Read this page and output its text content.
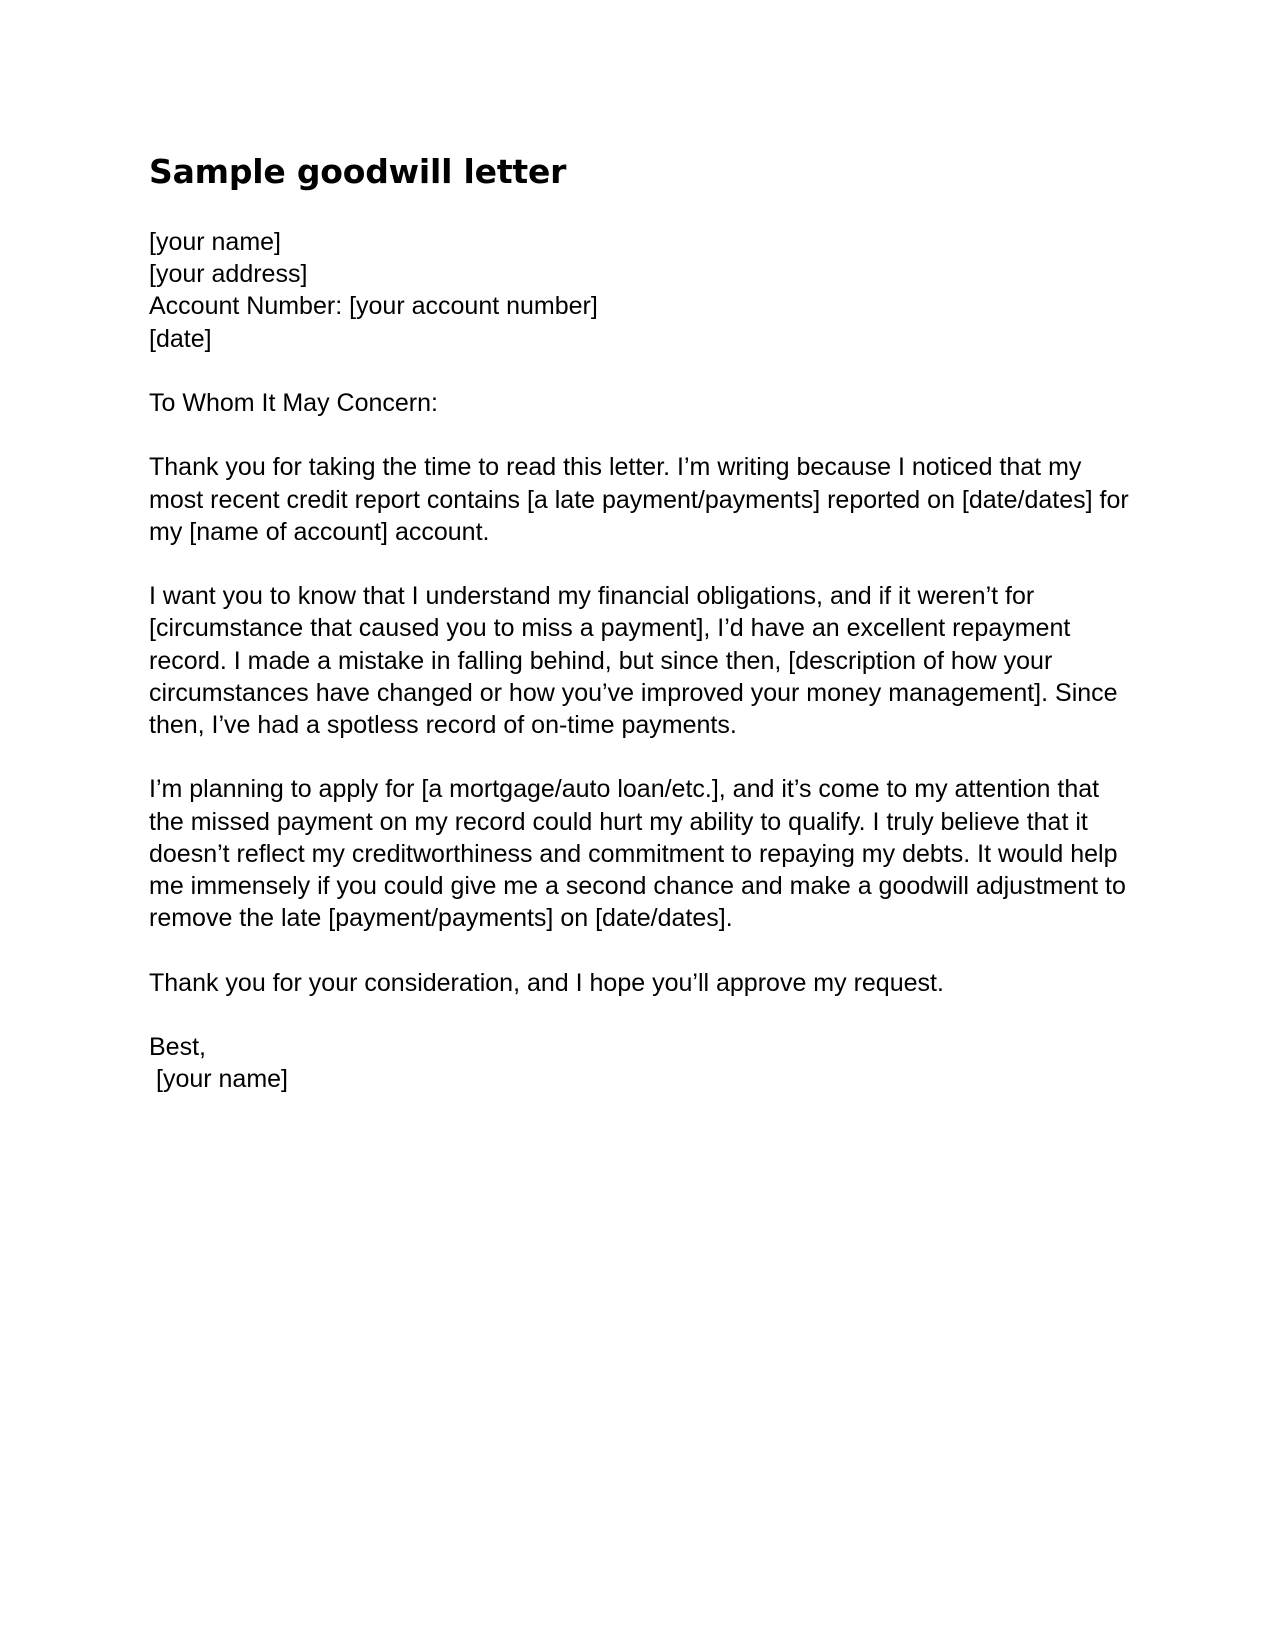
Sample goodwill letter
[your name]
[your address]
Account Number: [your account number]
[date]

To Whom It May Concern:

Thank you for taking the time to read this letter. I’m writing because I noticed that my most recent credit report contains [a late payment/payments] reported on [date/dates] for my [name of account] account.

I want you to know that I understand my financial obligations, and if it weren’t for [circumstance that caused you to miss a payment], I’d have an excellent repayment record. I made a mistake in falling behind, but since then, [description of how your circumstances have changed or how you’ve improved your money management]. Since then, I’ve had a spotless record of on-time payments.

I’m planning to apply for [a mortgage/auto loan/etc.], and it’s come to my attention that the missed payment on my record could hurt my ability to qualify. I truly believe that it doesn’t reflect my creditworthiness and commitment to repaying my debts. It would help me immensely if you could give me a second chance and make a goodwill adjustment to remove the late [payment/payments] on [date/dates].

Thank you for your consideration, and I hope you’ll approve my request.

Best,
[your name]
